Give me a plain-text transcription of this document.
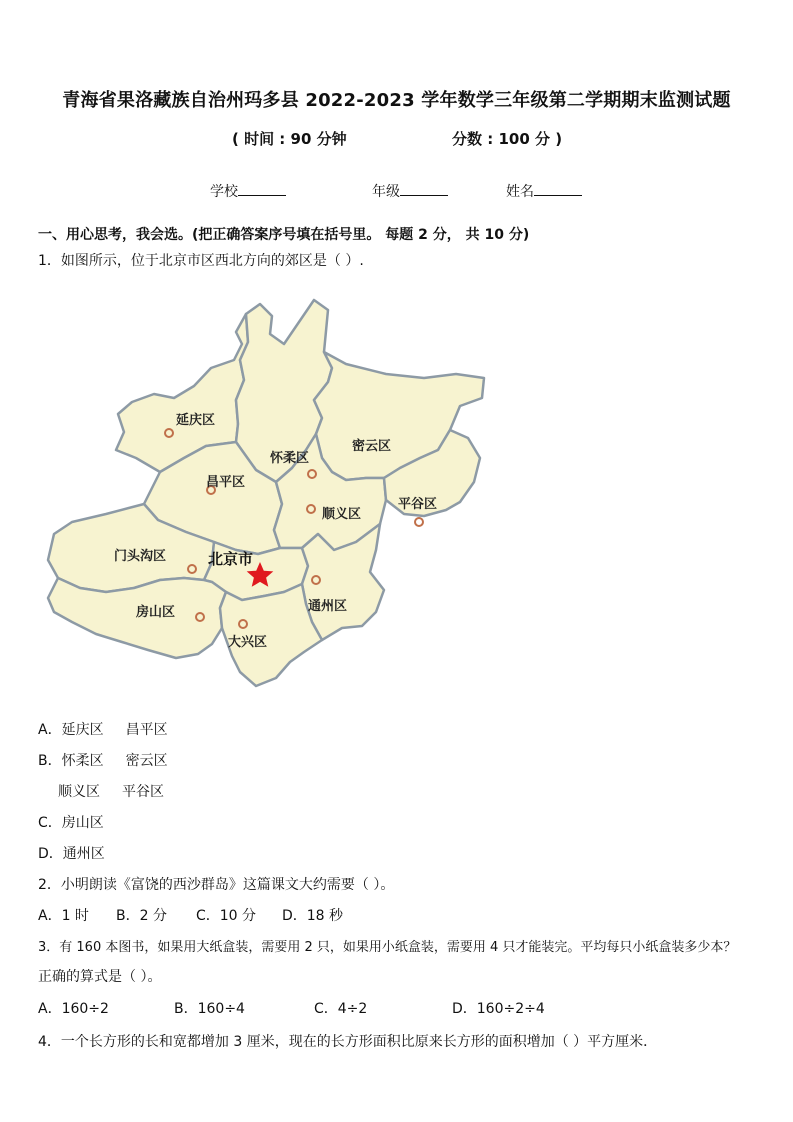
青海省果洛藏族自治州玛多县 2022-2023 学年数学三年级第二学期期末监测试题
( 时间 : 90 分钟	分数 : 100 分 )
学校	年级	姓名
一、用心思考，我会选。(把正确答案序号填在括号里。 每题 2 分， 共 10 分)
1．如图所示，位于北京市区西北方向的郊区是（ ）.
延庆区
怀柔区
密云区
昌平区
平谷区
顺义区
门头沟区	北京市
通州区
房山区
大兴区
A．延庆区 昌平区
B．怀柔区 密云区
顺义区 平谷区
C．房山区
D．通州区
2．小明朗读《富饶的西沙群岛》这篇课文大约需要（ ）。
A．1 时 B．2 分 C．10 分 D．18 秒
3．有 160 本图书，如果用大纸盒装，需要用 2 只，如果用小纸盒装，需要用 4 只才能装完。平均每只小纸盒装多少本？
正确的算式是（ ）。
A．160÷2	B．160÷4	C．4÷2	D．160÷2÷4
4．一个长方形的长和宽都增加 3 厘米，现在的长方形面积比原来长方形的面积增加（ ）平方厘米．
